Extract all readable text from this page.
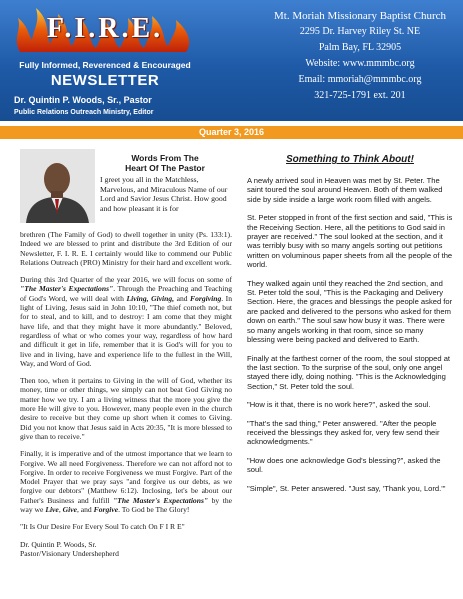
F.I.R.E.
Fully Informed, Reverenced & Encouraged
NEWSLETTER
Dr. Quintin P. Woods, Sr., Pastor
Public Relations Outreach Ministry, Editor
Mt. Moriah Missionary Baptist Church
2295 Dr. Harvey Riley St. NE
Palm Bay, FL 32905
Website: www.mmmbc.org
Email: mmoriah@mmmbc.org
321-725-1791 ext. 201
Quarter 3, 2016
Words From The
Heart Of The Pastor
I greet you all in the Matchless, Marvelous, and Miraculous Name of our Lord and Savior Jesus Christ. How good and how pleasant it is for

brethren (The Family of God) to dwell together in unity (Ps. 133:1). Indeed we are blessed to print and distribute the 3rd Edition of our Newsletter, F. I. R. E. I certainly would like to commend our Public Relations Outreach (PRO) Ministry for their hard and excellent work.

During this 3rd Quarter of the year 2016, we will focus on some of "The Master's Expectations". Through the Preaching and Teaching of God's Word, we will deal with Living, Giving, and Forgiving. In light of Living, Jesus said in John 10:10, "The thief cometh not, but for to steal, and to kill, and to destroy: I am come that they might have life, and that they might have it more abundantly." Beloved, regardless of what or who comes your way, regardless of how hard and difficult it get in life, remember that it is God's will for you to live and in living, have and experience life to the fullest in the Will, Way, and Word of God.

Then too, when it pertains to Giving in the will of God, whether its money, time or other things, we simply can not beat God Giving no matter how we try. I am a living witness that the more you give the more He will give to you. However, many people even in the church desire to receive but they come up short when it comes to Giving. Did you not know that Jesus said in Acts 20:35, "It is more blessed to give than to receive."

Finally, it is imperative and of the utmost importance that we learn to Forgive. We all need Forgiveness. Therefore we can not afford not to Forgive. In order to receive Forgiveness we must Forgive. Part of the Model Prayer that we pray says "and forgive us our debts, as we forgive our debtors" (Matthew 6:12). Inclosing, let's be about our Father's Business and fulfill "The Master's Expectations" by the way we Live, Give, and Forgive. To God be The Glory!

"It Is Our Desire For Every Soul To catch On F I R E"

Dr. Quintin P. Woods, Sr.
Pastor/Visionary Undershepherd
Something to Think About!

A newly arrived soul in Heaven was met by St. Peter. The saint toured the soul around Heaven. Both of them walked side by side inside a large work room filled with angels.

St. Peter stopped in front of the first section and said, "This is the Receiving Section. Here, all the petitions to God said in prayer are received." The soul looked at the section, and it was terribly busy with so many angels sorting out petitions written on voluminous paper sheets from all the people of the world.

They walked again until they reached the 2nd section, and St. Peter told the soul, "This is the Packaging and Delivery Section. Here, the graces and blessings the people asked for are packed and delivered to the persons who asked for them down on earth." The soul saw how busy it was. There were so many angels working in that room, since so many blessing were being packed and delivered to Earth.

Finally at the farthest corner of the room, the soul stopped at the last section. To the surprise of the soul, only one angel stayed there idly, doing nothing. "This is the Acknowledging Section," St. Peter told the soul.

"How is it that, there is no work here?", asked the soul.

"That's the sad thing," Peter answered. "After the people received the blessings they asked for, very few send their acknowledgments."

"How does one acknowledge God's blessing?", asked the soul.

"Simple", St. Peter answered. "Just say, 'Thank you, Lord.'"
